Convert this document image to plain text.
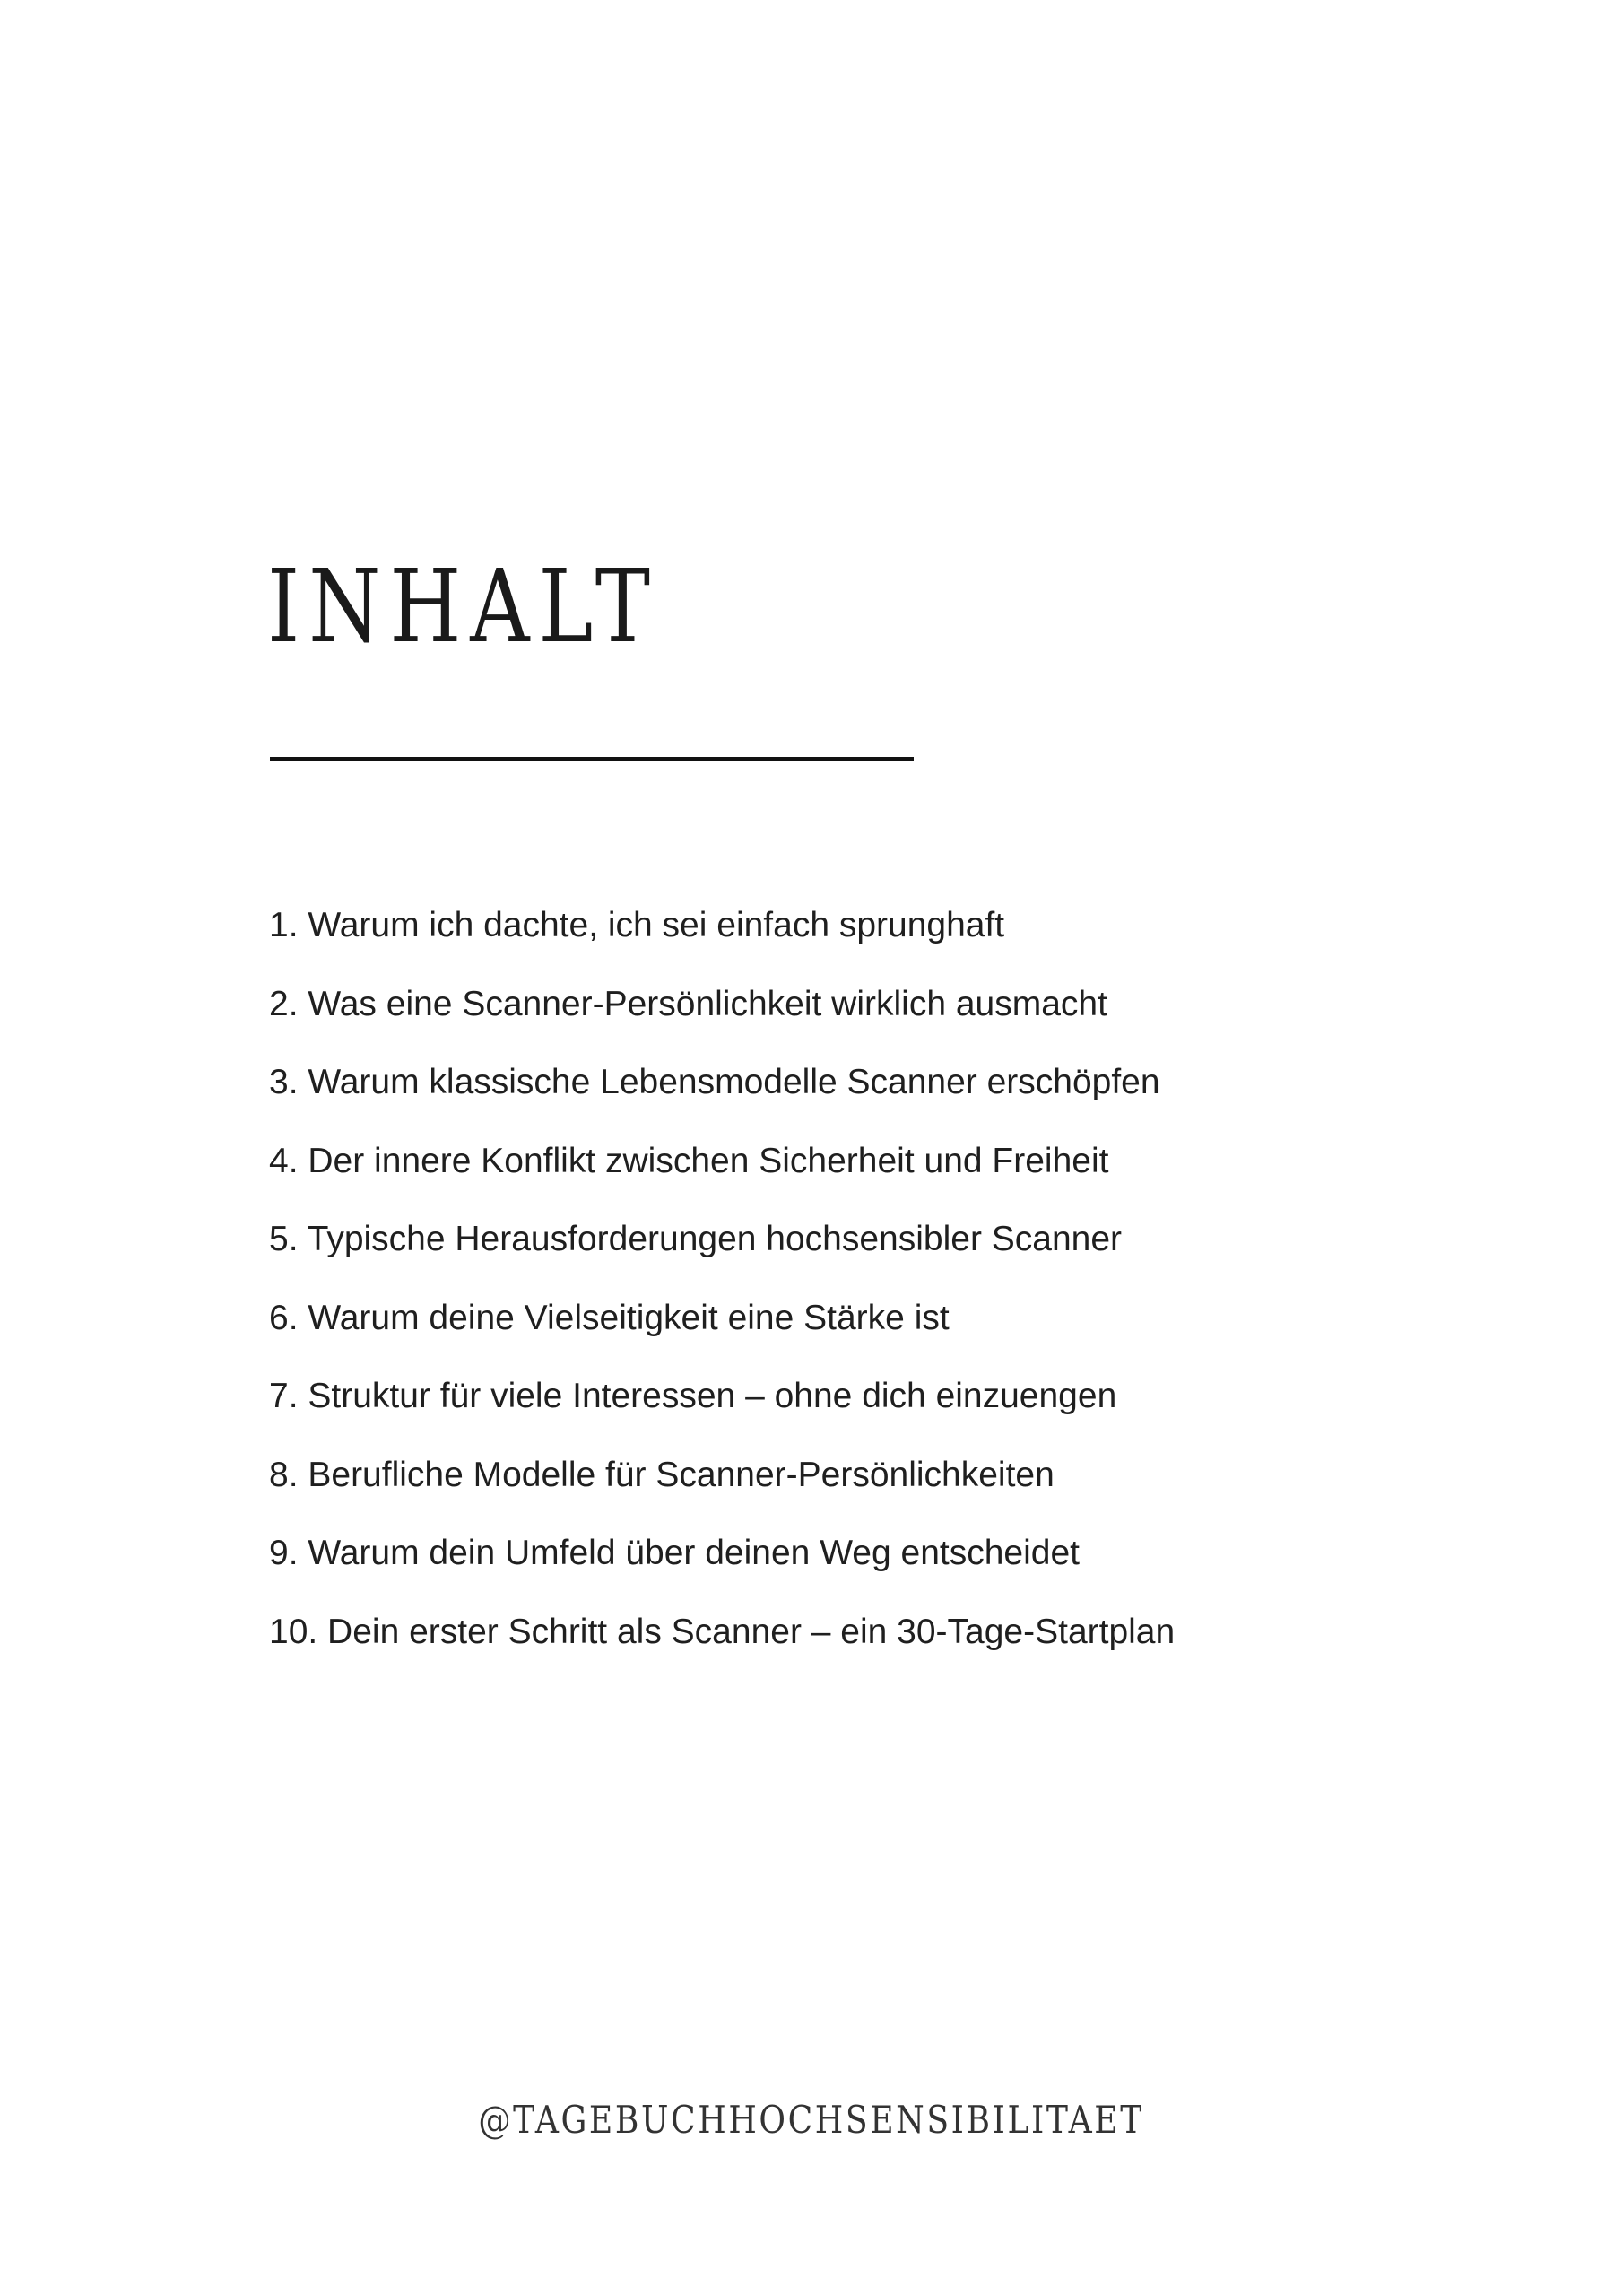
INHALT
1. Warum ich dachte, ich sei einfach sprunghaft
2. Was eine Scanner-Persönlichkeit wirklich ausmacht
3. Warum klassische Lebensmodelle Scanner erschöpfen
4. Der innere Konflikt zwischen Sicherheit und Freiheit
5. Typische Herausforderungen hochsensibler Scanner
6. Warum deine Vielseitigkeit eine Stärke ist
7. Struktur für viele Interessen – ohne dich einzuengen
8. Berufliche Modelle für Scanner-Persönlichkeiten
9. Warum dein Umfeld über deinen Weg entscheidet
10. Dein erster Schritt als Scanner – ein 30-Tage-Startplan
@TAGEBUCHHOCHSENSIBILITAET
